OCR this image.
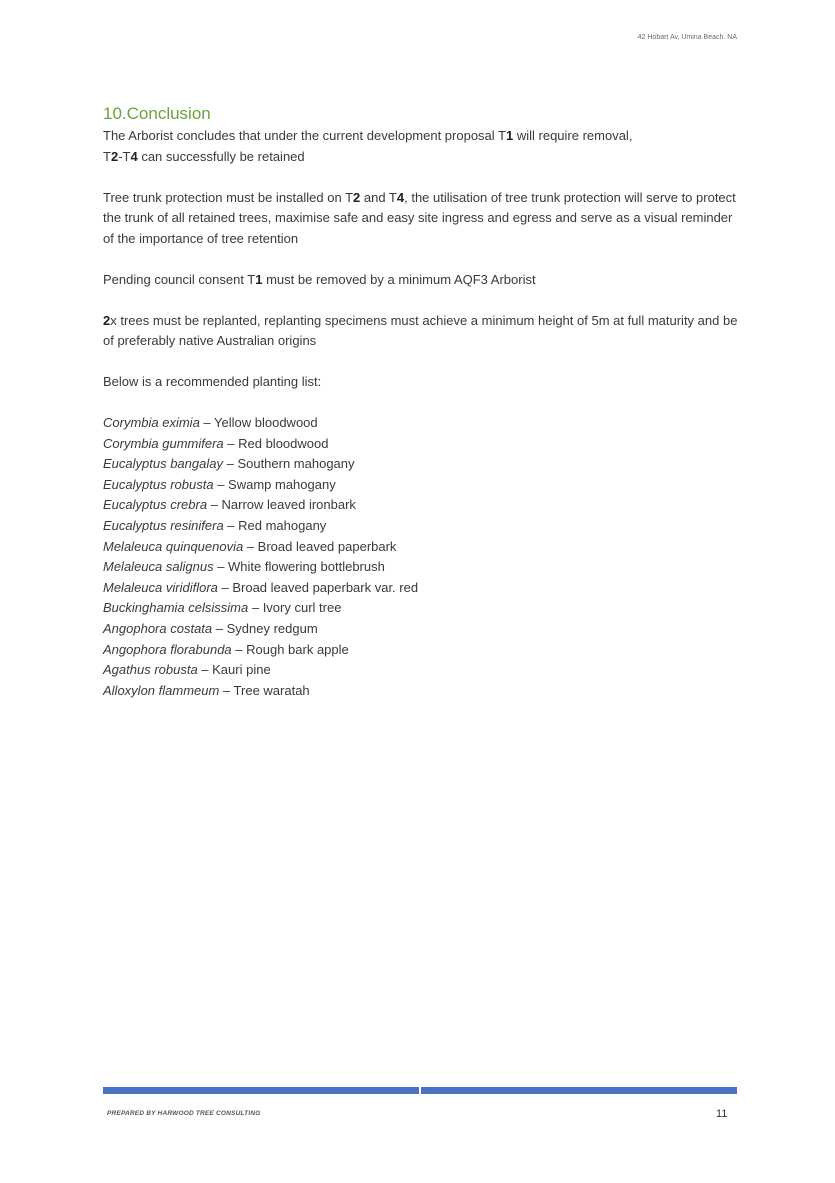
42 Hobart Av, Umina Beach. NA
10.Conclusion

The Arborist concludes that under the current development proposal T1 will require removal,
T2-T4 can successfully be retained

Tree trunk protection must be installed on T2 and T4, the utilisation of tree trunk protection will serve to protect the trunk of all retained trees, maximise safe and easy site ingress and egress and serve as a visual reminder of the importance of tree retention

Pending council consent T1 must be removed by a minimum AQF3 Arborist

2x trees must be replanted, replanting specimens must achieve a minimum height of 5m at full maturity and be of preferably native Australian origins

Below is a recommended planting list:

Corymbia eximia – Yellow bloodwood
Corymbia gummifera – Red bloodwood
Eucalyptus bangalay – Southern mahogany
Eucalyptus robusta – Swamp mahogany
Eucalyptus crebra – Narrow leaved ironbark
Eucalyptus resinifera – Red mahogany
Melaleuca quinquenovia – Broad leaved paperbark
Melaleuca salignus – White flowering bottlebrush
Melaleuca viridiflora – Broad leaved paperbark var. red
Buckinghamia celsissima – Ivory curl tree
Angophora costata – Sydney redgum
Angophora florabunda – Rough bark apple
Agathus robusta – Kauri pine
Alloxylon flammeum – Tree waratah
PREPARED BY HARWOOD TREE CONSULTING	11
